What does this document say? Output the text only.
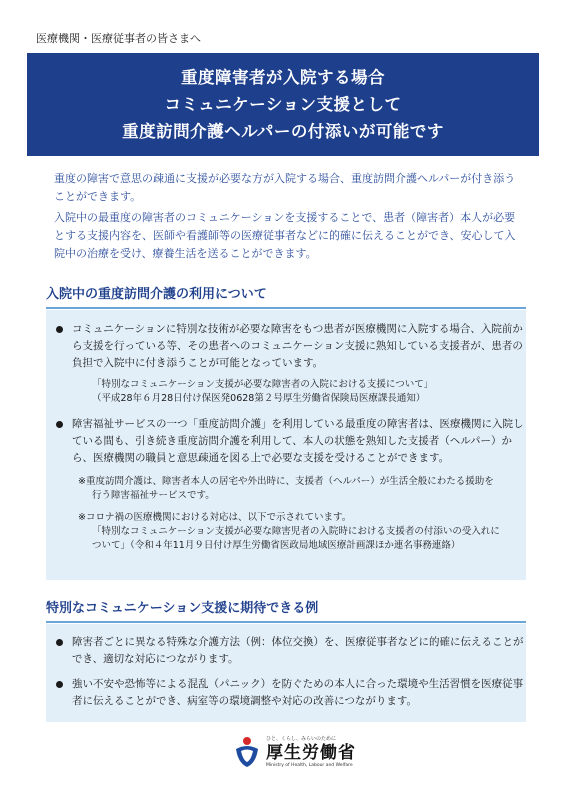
医療機関・医療従事者の皆さまへ
重度障害者が入院する場合
コミュニケーション支援として
重度訪問介護ヘルパーの付添いが可能です

重度の障害で意思の疎通に支援が必要な方が入院する場合、重度訪問介護ヘルパーが付き添うことができます。

入院中の最重度の障害者のコミュニケーションを支援することで、患者（障害者）本人が必要とする支援内容を、医師や看護師等の医療従事者などに的確に伝えることができ、安心して入院中の治療を受け、療養生活を送ることができます。

入院中の重度訪問介護の利用について
コミュニケーションに特別な技術が必要な障害をもつ患者が医療機関に入院する場合、入院前から支援を行っている等、その患者へのコミュニケーション支援に熟知している支援者が、患者の負担で入院中に付き添うことが可能となっています。
「特別なコミュニケーション支援が必要な障害者の入院における支援について」
（平成28年６月28日付け保医発0628第２号厚生労働省保険局医療課長通知）
障害福祉サービスの一つ「重度訪問介護」を利用している最重度の障害者は、医療機関に入院している間も、引き続き重度訪問介護を利用して、本人の状態を熟知した支援者（ヘルパー）から、医療機関の職員と意思疎通を図る上で必要な支援を受けることができます。
※重度訪問介護は、障害者本人の居宅や外出時に、支援者（ヘルパー）が生活全般にわたる援助を
行う障害福祉サービスです。
※コロナ禍の医療機関における対応は、以下で示されています。
「特別なコミュニケーション支援が必要な障害児者の入院時における支援者の付添いの受入れに
ついて」（令和４年11月９日付け厚生労働省医政局地域医療計画課ほか連名事務連絡）
特別なコミュニケーション支援に期待できる例
障害者ごとに異なる特殊な介護方法（例：体位交換）を、医療従事者などに的確に伝えることができ、適切な対応につながります。
強い不安や恐怖等による混乱（パニック）を防ぐための本人に合った環境や生活習慣を医療従事者に伝えることができ、病室等の環境調整や対応の改善につながります。
ひと、くらし、みらいのために
厚生労働省
Ministry of Health, Labour and Welfare
